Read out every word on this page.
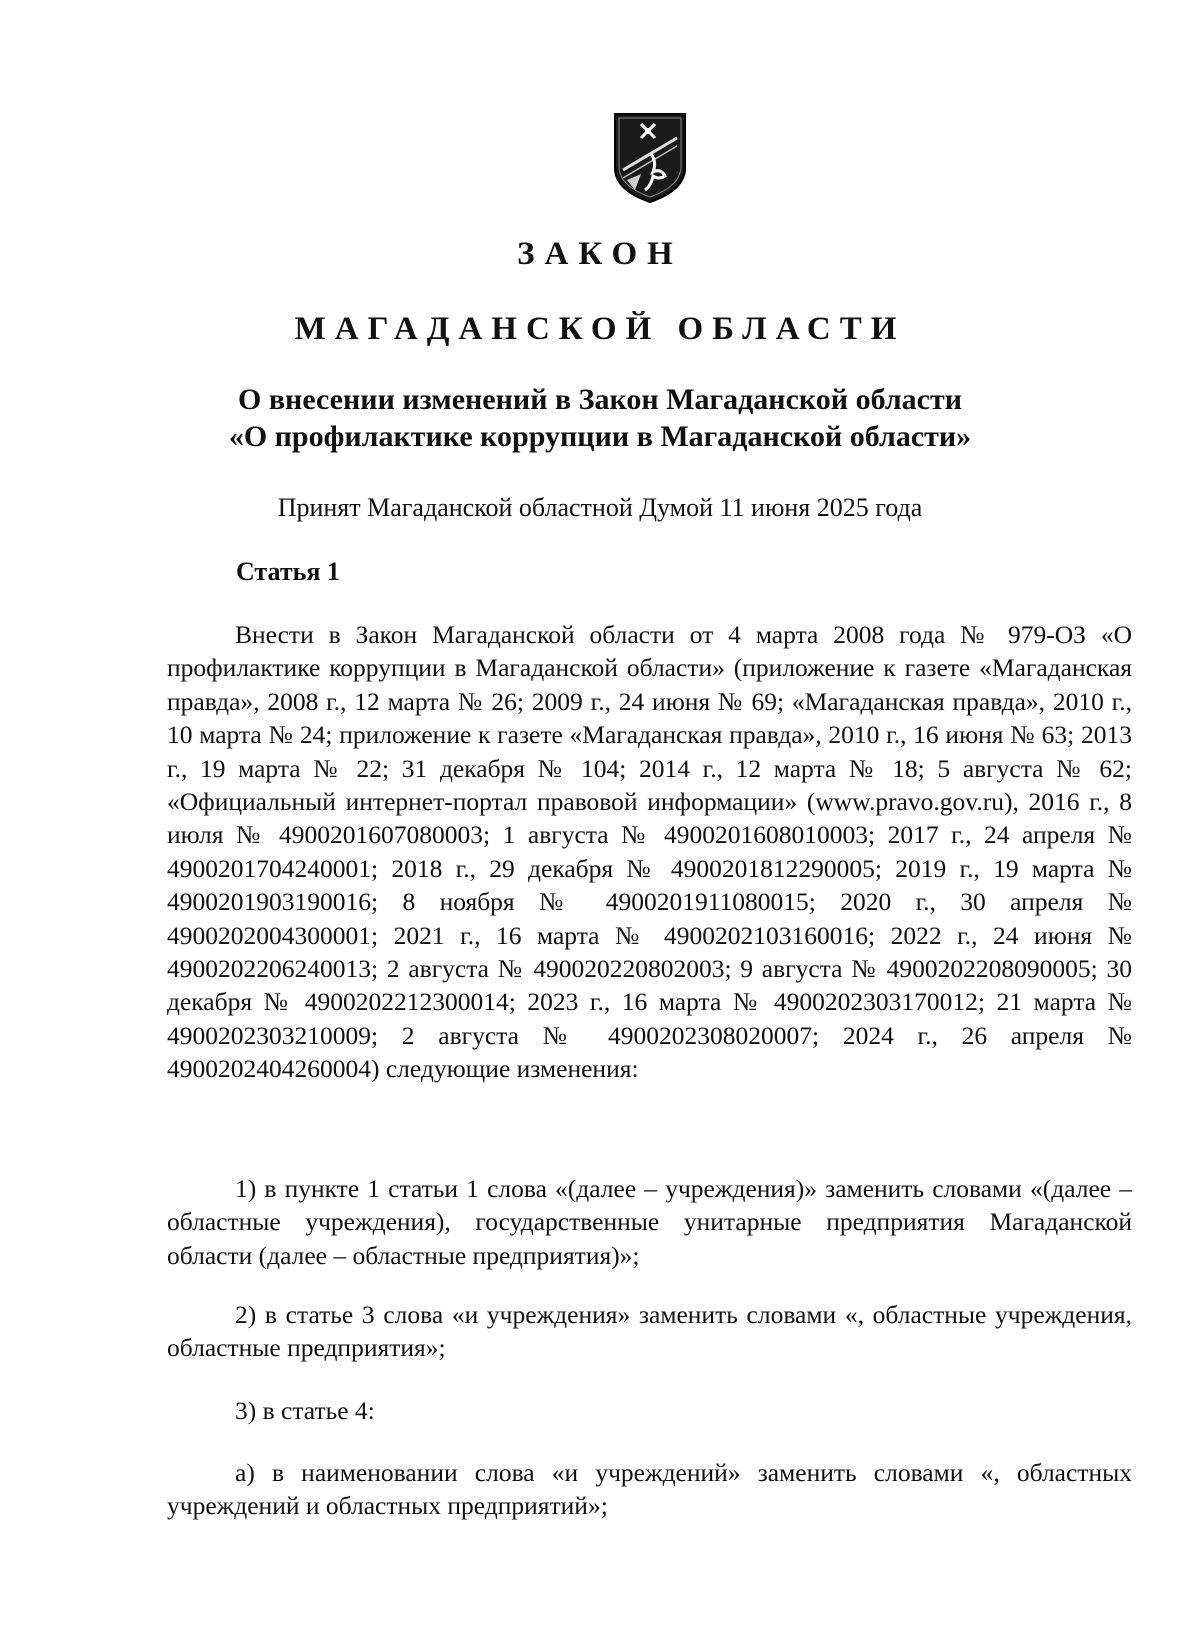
ЗАКОН
МАГАДАНСКОЙ ОБЛАСТИ
О внесении изменений в Закон Магаданской области
«О профилактике коррупции в Магаданской области»
Принят Магаданской областной Думой 11 июня 2025 года
Статья 1
Внести в Закон Магаданской области от 4 марта 2008 года № 979-ОЗ «О профилактике коррупции в Магаданской области» (приложение к газете «Магаданская правда», 2008 г., 12 марта № 26; 2009 г., 24 июня № 69; «Магаданская правда», 2010 г., 10 марта № 24; приложение к газете «Магаданская правда», 2010 г., 16 июня № 63; 2013 г., 19 марта № 22; 31 декабря № 104; 2014 г., 12 марта № 18; 5 августа № 62; «Официальный интернет-портал правовой информации» (www.pravo.gov.ru), 2016 г., 8 июля № 4900201607080003; 1 августа № 4900201608010003; 2017 г., 24 апреля № 4900201704240001; 2018 г., 29 декабря № 4900201812290005; 2019 г., 19 марта № 4900201903190016; 8 ноября № 4900201911080015; 2020 г., 30 апреля № 4900202004300001; 2021 г., 16 марта № 4900202103160016; 2022 г., 24 июня № 4900202206240013; 2 августа № 490020220802003; 9 августа № 4900202208090005; 30 декабря № 4900202212300014; 2023 г., 16 марта № 4900202303170012; 21 марта № 4900202303210009; 2 августа № 4900202308020007; 2024 г., 26 апреля № 4900202404260004) следующие изменения:
1) в пункте 1 статьи 1 слова «(далее – учреждения)» заменить словами «(далее – областные учреждения), государственные унитарные предприятия Магаданской области (далее – областные предприятия)»;
2) в статье 3 слова «и учреждения» заменить словами «, областные учреждения, областные предприятия»;
3) в статье 4:
а) в наименовании слова «и учреждений» заменить словами «, областных учреждений и областных предприятий»;
